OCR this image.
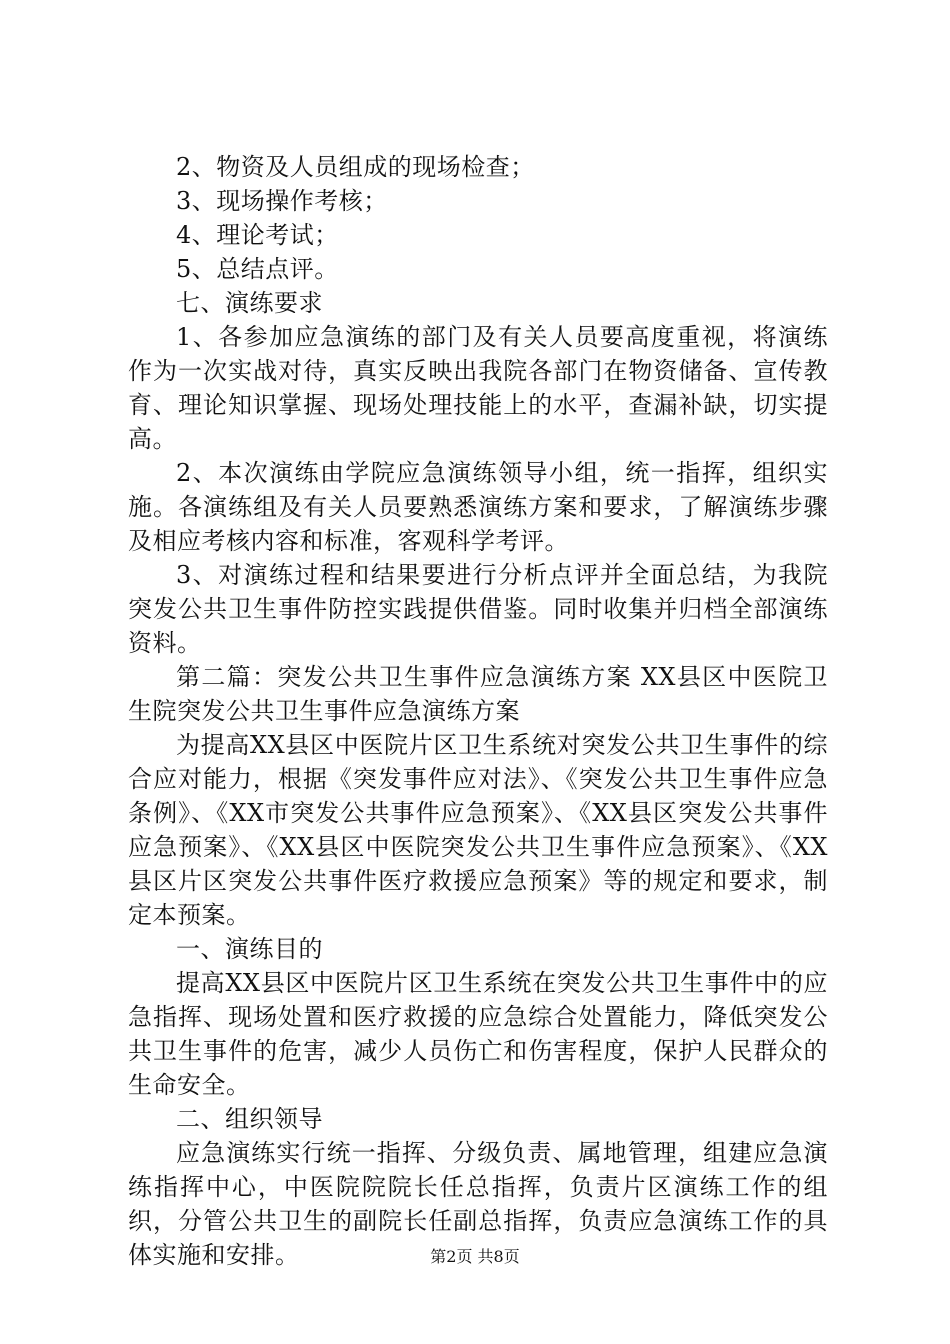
2、物资及人员组成的现场检查；

3、现场操作考核；

4、理论考试；

5、总结点评。

七、演练要求

1、各参加应急演练的部门及有关人员要高度重视，将演练作为一次实战对待，真实反映出我院各部门在物资储备、宣传教育、理论知识掌握、现场处理技能上的水平，查漏补缺，切实提高。

2、本次演练由学院应急演练领导小组，统一指挥，组织实施。各演练组及有关人员要熟悉演练方案和要求，了解演练步骤及相应考核内容和标准，客观科学考评。

3、对演练过程和结果要进行分析点评并全面总结，为我院突发公共卫生事件防控实践提供借鉴。同时收集并归档全部演练资料。

第二篇：突发公共卫生事件应急演练方案 XX县区中医院卫生院突发公共卫生事件应急演练方案

为提高XX县区中医院片区卫生系统对突发公共卫生事件的综合应对能力，根据《突发事件应对法》、《突发公共卫生事件应急条例》、《XX市突发公共事件应急预案》、《XX县区突发公共事件应急预案》、《XX县区中医院突发公共卫生事件应急预案》、《XX县区片区突发公共事件医疗救援应急预案》等的规定和要求，制定本预案。

一、演练目的

提高XX县区中医院片区卫生系统在突发公共卫生事件中的应急指挥、现场处置和医疗救援的应急综合处置能力，降低突发公共卫生事件的危害，减少人员伤亡和伤害程度，保护人民群众的生命安全。

二、组织领导

应急演练实行统一指挥、分级负责、属地管理，组建应急演练指挥中心，中医院院院长任总指挥，负责片区演练工作的组织，分管公共卫生的副院长任副总指挥，负责应急演练工作的具体实施和安排。	第2页 共8页
